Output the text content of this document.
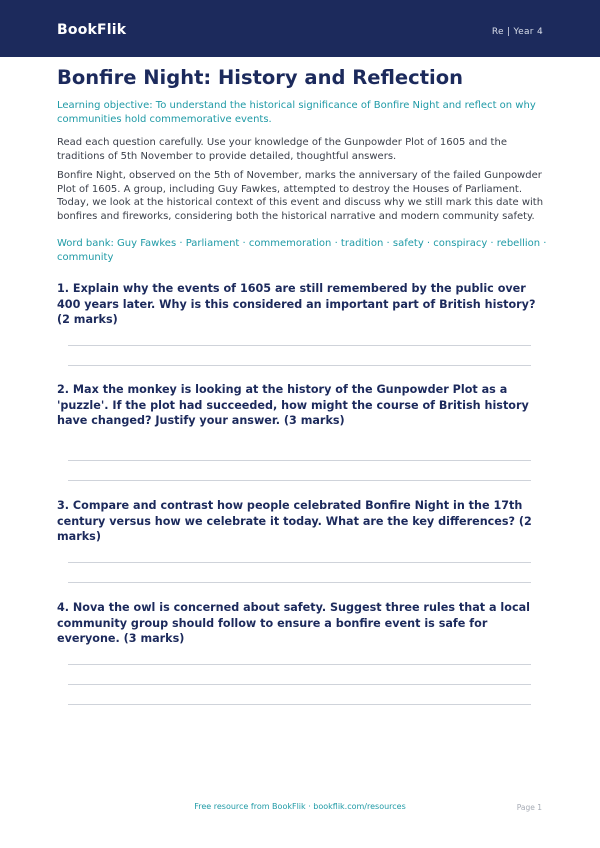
BookFlik	Re | Year 4
Bonfire Night: History and Reflection

Learning objective: To understand the historical significance of Bonfire Night and reflect on why communities hold commemorative events.

Read each question carefully. Use your knowledge of the Gunpowder Plot of 1605 and the traditions of 5th November to provide detailed, thoughtful answers.

Bonfire Night, observed on the 5th of November, marks the anniversary of the failed Gunpowder Plot of 1605. A group, including Guy Fawkes, attempted to destroy the Houses of Parliament. Today, we look at the historical context of this event and discuss why we still mark this date with bonfires and fireworks, considering both the historical narrative and modern community safety.

Word bank: Guy Fawkes · Parliament · commemoration · tradition · safety · conspiracy · rebellion · community

1. Explain why the events of 1605 are still remembered by the public over 400 years later. Why is this considered an important part of British history? (2 marks)

2. Max the monkey is looking at the history of the Gunpowder Plot as a 'puzzle'. If the plot had succeeded, how might the course of British history have changed? Justify your answer. (3 marks)

3. Compare and contrast how people celebrated Bonfire Night in the 17th century versus how we celebrate it today. What are the key differences? (2 marks)

4. Nova the owl is concerned about safety. Suggest three rules that a local community group should follow to ensure a bonfire event is safe for everyone. (3 marks)

Free resource from BookFlik · bookflik.com/resources	Page 1
